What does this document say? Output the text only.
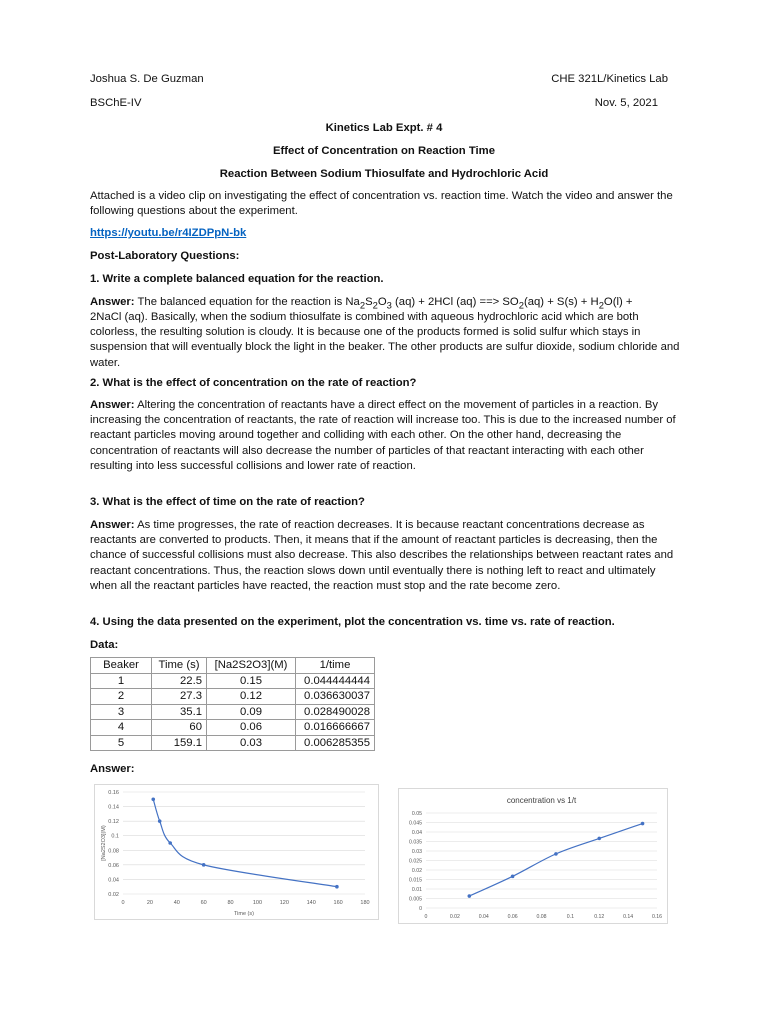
Joshua S. De Guzman	CHE 321L/Kinetics Lab
BSChE-IV	Nov. 5, 2021
Kinetics Lab Expt. # 4
Effect of Concentration on Reaction Time
Reaction Between Sodium Thiosulfate and Hydrochloric Acid
Attached is a video clip on investigating the effect of concentration vs. reaction time. Watch the video and answer the following questions about the experiment.
https://youtu.be/r4IZDPpN-bk
Post-Laboratory Questions:
1. Write a complete balanced equation for the reaction.
Answer: The balanced equation for the reaction is $Na_2S_2O_3$ (aq) + 2HCl (aq) ==> $SO_2(aq) + S(s) + H_2O(l)$ +
2NaCl (aq). Basically, when the sodium thiosulfate is combined with aqueous hydrochloric acid which are both colorless, the resulting solution is cloudy. It is because one of the products formed is solid sulfur which stays in suspension that will eventually block the light in the beaker. The other products are sulfur dioxide, sodium chloride and water.
2. What is the effect of concentration on the rate of reaction?
Answer: Altering the concentration of reactants have a direct effect on the movement of particles in a reaction. By increasing the concentration of reactants, the rate of reaction will increase too. This is due to the increased number of reactant particles moving around together and colliding with each other. On the other hand, decreasing the concentration of reactants will also decrease the number of particles of that reactant interacting with each other resulting into less successful collisions and lower rate of reaction.
3. What is the effect of time on the rate of reaction?
Answer: As time progresses, the rate of reaction decreases. It is because reactant concentrations decrease as reactants are converted to products. Then, it means that if the amount of reactant particles is decreasing, then the chance of successful collisions must also decrease. This also describes the relationships between reactant rates and reactant concentrations. Thus, the reaction slows down until eventually there is nothing left to react and ultimately when all the reactant particles have reacted, the reaction must stop and the rate become zero.
4. Using the data presented on the experiment, plot the concentration vs. time vs. rate of reaction.
Data:
Beaker	Time (s)	[Na2S2O3](M)	1/time
1	22.5	0.15	0.044444444
2	27.3	0.12	0.036630037
3	35.1	0.09	0.028490028
4	60	0.06	0.016666667
5	159.1	0.03	0.006285355
Answer:
0.02
0.04
0.06
0.08
0.1
0.12
0.14
0.16
0	20	40	60	80	100	120	140	160	180
Time (s)
[Na2S2O3](M)
0
0.005
0.01
0.015
0.02
0.025
0.03
0.035
0.04
0.045
0.05
0	0.02	0.04	0.06	0.08	0.1	0.12	0.14	0.16
concentration vs 1/t
